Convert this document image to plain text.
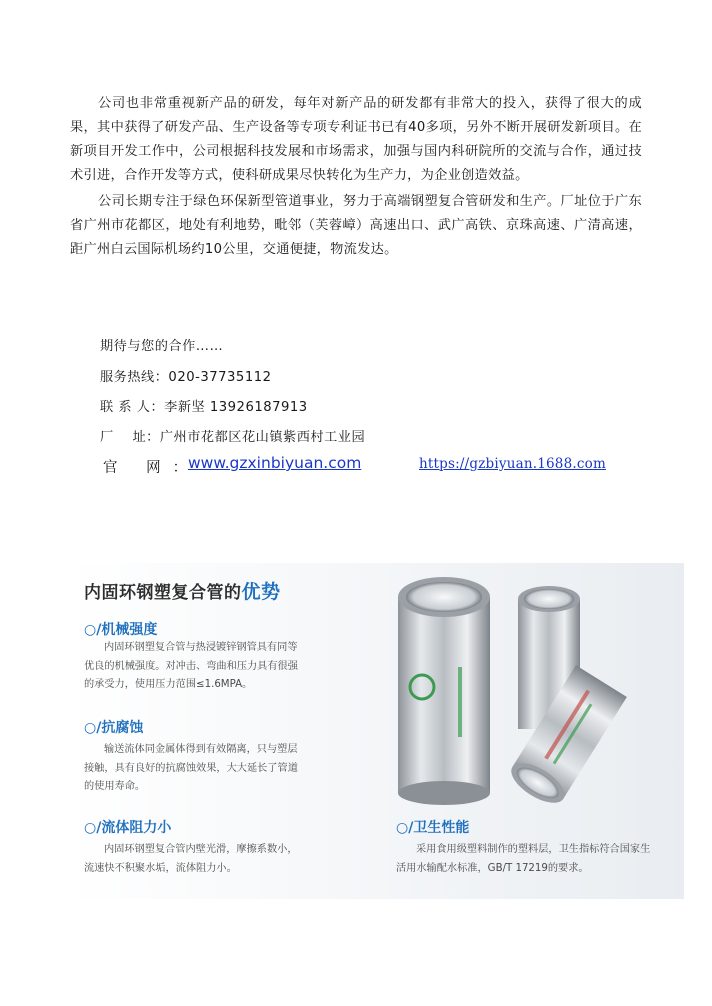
公司也非常重视新产品的研发，每年对新产品的研发都有非常大的投入，获得了很大的成果，其中获得了研发产品、生产设备等专项专利证书已有40多项，另外不断开展研发新项目。在新项目开发工作中，公司根据科技发展和市场需求，加强与国内科研院所的交流与合作，通过技术引进，合作开发等方式，使科研成果尽快转化为生产力，为企业创造效益。

公司长期专注于绿色环保新型管道事业，努力于高端钢塑复合管研发和生产。厂址位于广东省广州市花都区，地处有利地势，毗邻（芙蓉嶂）高速出口、武广高铁、京珠高速、广清高速，距广州白云国际机场约10公里，交通便捷，物流发达。

期待与您的合作……
服务热线：020-37735112
联 系 人：李新坚 13926187913
厂    址：广州市花都区花山镇紫西村工业园
官 网：
www.gzxinbiyuan.com	https://gzbiyuan.1688.com
内固环钢塑复合管的优势
○/机械强度
内固环钢塑复合管与热浸镀锌钢管具有同等优良的机械强度。对冲击、弯曲和压力具有很强的承受力，使用压力范围≤1.6MPA。
○/抗腐蚀
输送流体同金属体得到有效隔离，只与塑层接触，具有良好的抗腐蚀效果，大大延长了管道的使用寿命。
○/流体阻力小
内固环钢塑复合管内壁光滑，摩擦系数小，流速快不积聚水垢，流体阻力小。
○/卫生性能
采用食用级塑料制作的塑料层，卫生指标符合国家生活用水输配水标准，GB/T 17219的要求。
